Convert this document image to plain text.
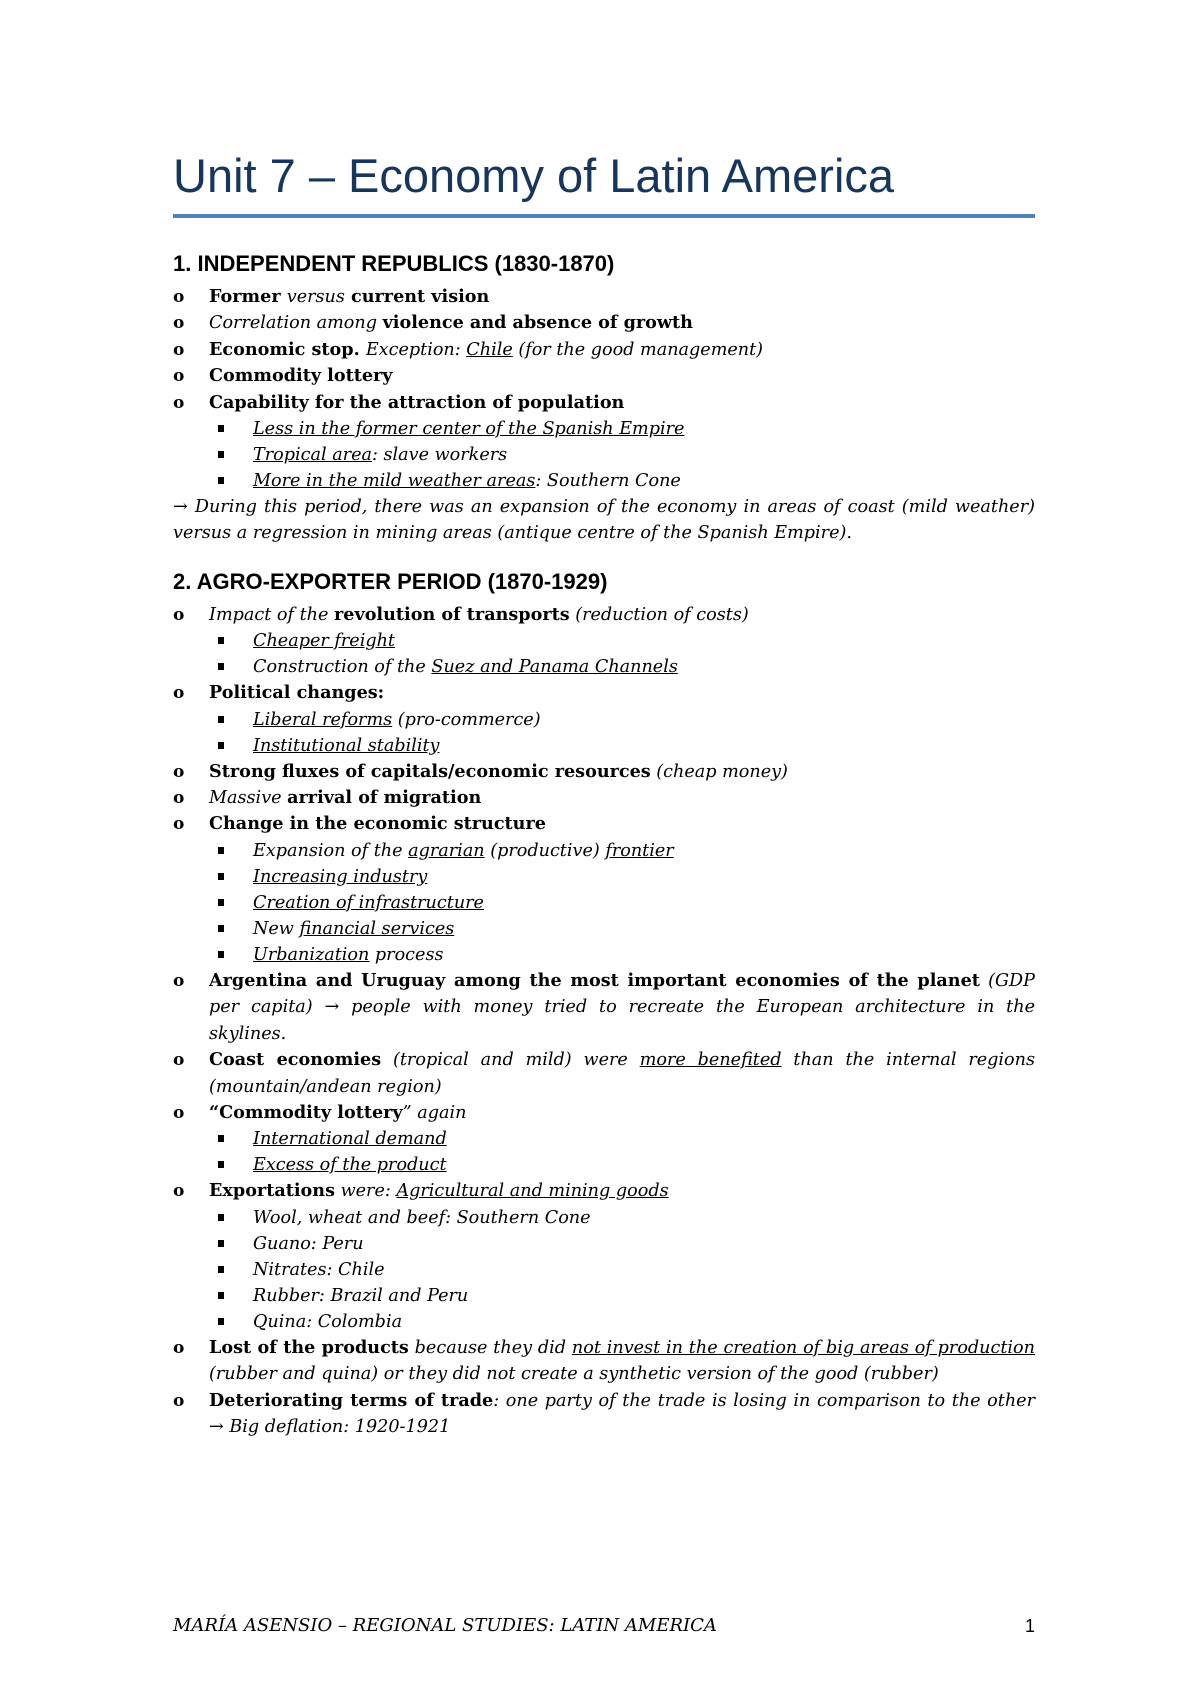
Unit 7 – Economy of Latin America
1. INDEPENDENT REPUBLICS (1830-1870)
o	Former versus current vision
o	Correlation among violence and absence of growth
o	Economic stop. Exception: Chile (for the good management)
o	Commodity lottery
o	Capability for the attraction of population
Less in the former center of the Spanish Empire
Tropical area: slave workers
More in the mild weather areas: Southern Cone

→ During this period, there was an expansion of the economy in areas of coast (mild weather) versus a regression in mining areas (antique centre of the Spanish Empire).

2. AGRO-EXPORTER PERIOD (1870-1929)
o	Impact of the revolution of transports (reduction of costs)
Cheaper freight
Construction of the Suez and Panama Channels
o	Political changes:
Liberal reforms (pro-commerce)
Institutional stability
o	Strong fluxes of capitals/economic resources (cheap money)
o	Massive arrival of migration
o	Change in the economic structure
Expansion of the agrarian (productive) frontier
Increasing industry
Creation of infrastructure
New financial services
Urbanization process
o	Argentina and Uruguay among the most important economies of the planet (GDP per capita) → people with money tried to recreate the European architecture in the skylines.
o	Coast economies (tropical and mild) were more benefited than the internal regions (mountain/andean region)
o	“Commodity lottery” again
International demand
Excess of the product
o	Exportations were: Agricultural and mining goods
Wool, wheat and beef: Southern Cone
Guano: Peru
Nitrates: Chile
Rubber: Brazil and Peru
Quina: Colombia
o	Lost of the products because they did not invest in the creation of big areas of production (rubber and quina) or they did not create a synthetic version of the good (rubber)
o	Deteriorating terms of trade: one party of the trade is losing in comparison to the other → Big deflation: 1920-1921
MARÍA ASENSIO – REGIONAL STUDIES: LATIN AMERICA	1
